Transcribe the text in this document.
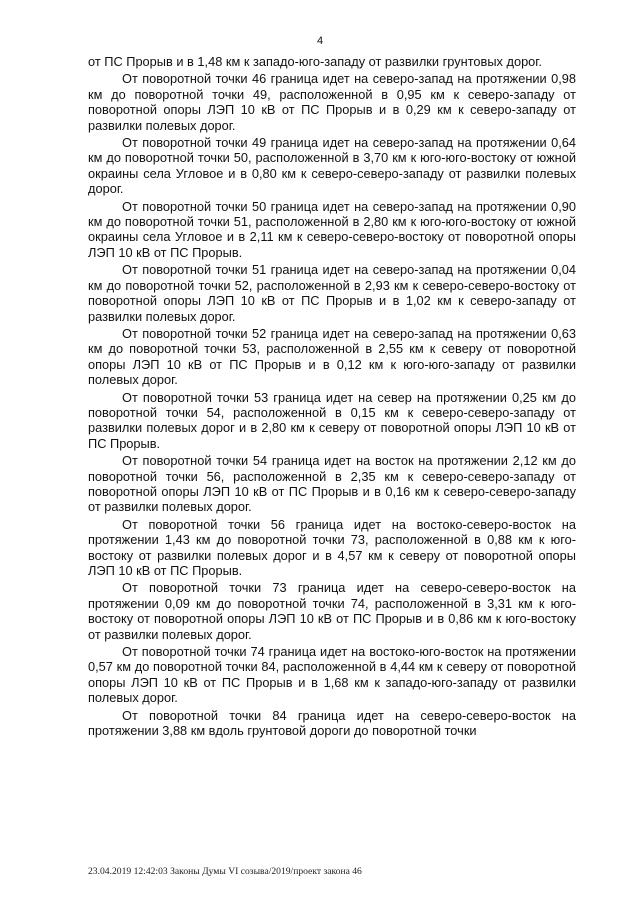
4

от ПС Прорыв и в 1,48 км к западо-юго-западу от развилки грунтовых дорог.

От поворотной точки 46 граница идет на северо-запад на протяжении 0,98 км до поворотной точки 49, расположенной в 0,95 км к северо-западу от поворотной опоры ЛЭП 10 кВ от ПС Прорыв и в 0,29 км к северо-западу от развилки полевых дорог.

От поворотной точки 49 граница идет на северо-запад на протяжении 0,64 км до поворотной точки 50, расположенной в 3,70 км к юго-юго-востоку от южной окраины села Угловое и в 0,80 км к северо-северо-западу от развилки полевых дорог.

От поворотной точки 50 граница идет на северо-запад на протяжении 0,90 км до поворотной точки 51, расположенной в 2,80 км к юго-юго-востоку от южной окраины села Угловое и в 2,11 км к северо-северо-востоку от поворотной опоры ЛЭП 10 кВ от ПС Прорыв.

От поворотной точки 51 граница идет на северо-запад на протяжении 0,04 км до поворотной точки 52, расположенной в 2,93 км к северо-северо-востоку от поворотной опоры ЛЭП 10 кВ от ПС Прорыв и в 1,02 км к северо-западу от развилки полевых дорог.

От поворотной точки 52 граница идет на северо-запад на протяжении 0,63 км до поворотной точки 53, расположенной в 2,55 км к северу от поворотной опоры ЛЭП 10 кВ от ПС Прорыв и в 0,12 км к юго-юго-западу от развилки полевых дорог.

От поворотной точки 53 граница идет на север на протяжении 0,25 км до поворотной точки 54, расположенной в 0,15 км к северо-северо-западу от развилки полевых дорог и в 2,80 км к северу от поворотной опоры ЛЭП 10 кВ от ПС Прорыв.

От поворотной точки 54 граница идет на восток на протяжении 2,12 км до поворотной точки 56, расположенной в 2,35 км к северо-северо-западу от поворотной опоры ЛЭП 10 кВ от ПС Прорыв и в 0,16 км к северо-северо-западу от развилки полевых дорог.

От поворотной точки 56 граница идет на востоко-северо-восток на протяжении 1,43 км до поворотной точки 73, расположенной в 0,88 км к юго-востоку от развилки полевых дорог и в 4,57 км к северу от поворотной опоры ЛЭП 10 кВ от ПС Прорыв.

От поворотной точки 73 граница идет на северо-северо-восток на протяжении 0,09 км до поворотной точки 74, расположенной в 3,31 км к юго-востоку от поворотной опоры ЛЭП 10 кВ от ПС Прорыв и в 0,86 км к юго-востоку от развилки полевых дорог.

От поворотной точки 74 граница идет на востоко-юго-восток на протяжении 0,57 км до поворотной точки 84, расположенной в 4,44 км к северу от поворотной опоры ЛЭП 10 кВ от ПС Прорыв и в 1,68 км к западо-юго-западу от развилки полевых дорог.

От поворотной точки 84 граница идет на северо-северо-восток на протяжении 3,88 км вдоль грунтовой дороги до поворотной точки

23.04.2019 12:42:03 Законы Думы VI созыва/2019/проект закона 46
